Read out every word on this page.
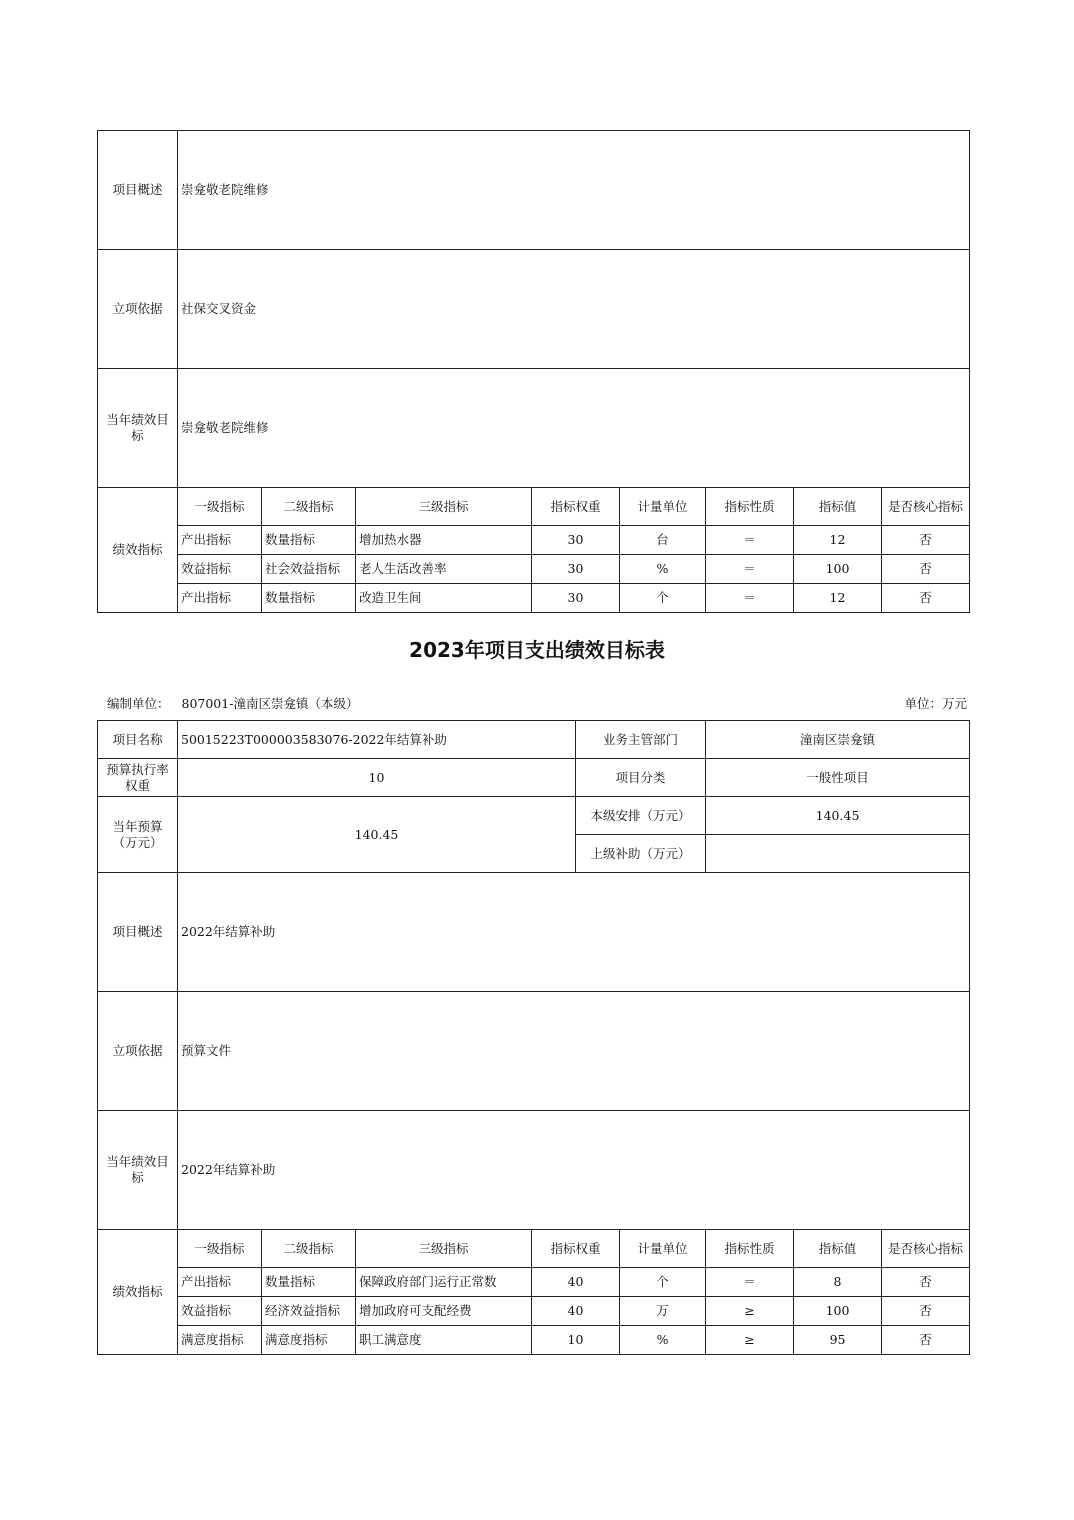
项目概述	崇龛敬老院维修							
立项依据	社保交叉资金							
当年绩效目标	崇龛敬老院维修							
绩效指标	一级指标	二级指标	三级指标	指标权重	计量单位	指标性质	指标值	是否核心指标
	产出指标	数量指标	增加热水器	30	台	＝	12	否
	效益指标	社会效益指标	老人生活改善率	30	%	＝	100	否
	产出指标	数量指标	改造卫生间	30	个	＝	12	否
2023年项目支出绩效目标表
编制单位： 807001-潼南区崇龛镇（本级）	单位：万元
项目名称	50015223T000003583076-2022年结算补助				业务主管部门		潼南区崇龛镇		
预算执行率权重	10				项目分类		一般性项目		
当年预算（万元）	140.45				本级安排（万元）		140.45		
					上级补助（万元）				
项目概述	2022年结算补助								
立项依据	预算文件								
当年绩效目标	2022年结算补助								
绩效指标	一级指标	二级指标	三级指标	指标权重		计量单位	指标性质	指标值	是否核心指标
	产出指标	数量指标	保障政府部门运行正常数	40		个	＝	8	否
	效益指标	经济效益指标	增加政府可支配经费	40		万	≥	100	否
	满意度指标	满意度指标	职工满意度	10		%	≥	95	否
